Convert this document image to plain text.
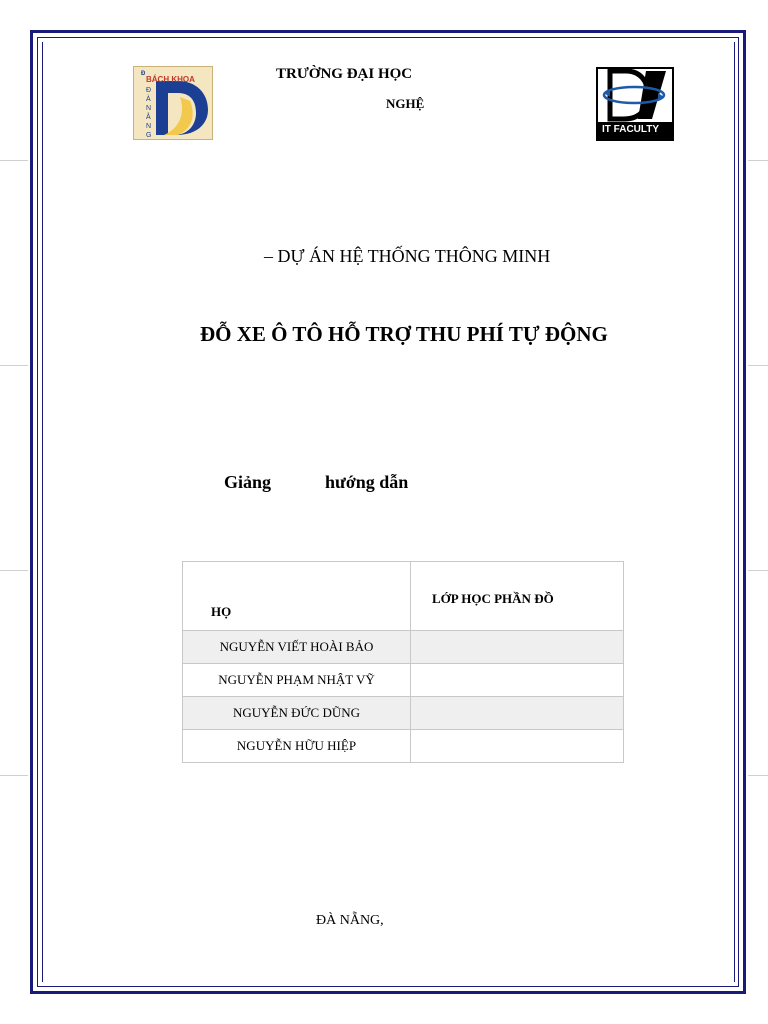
Đ
BÁCH KHOA
ĐÀNẴNG
IT FACULTY
TRƯỜNG ĐẠI HỌC
NGHỆ
– DỰ ÁN HỆ THỐNG THÔNG MINH
ĐỖ XE Ô TÔ HỖ TRỢ THU PHÍ TỰ ĐỘNG
Giảng	hướng dẫn
HỌ	LỚP HỌC PHẦN ĐỒ

NGUYỄN VIẾT HOÀI BẢO	
NGUYỄN PHẠM NHẬT VỸ	
NGUYỄN ĐỨC DŨNG	
NGUYỄN HỮU HIỆP	
ĐÀ NẴNG,
